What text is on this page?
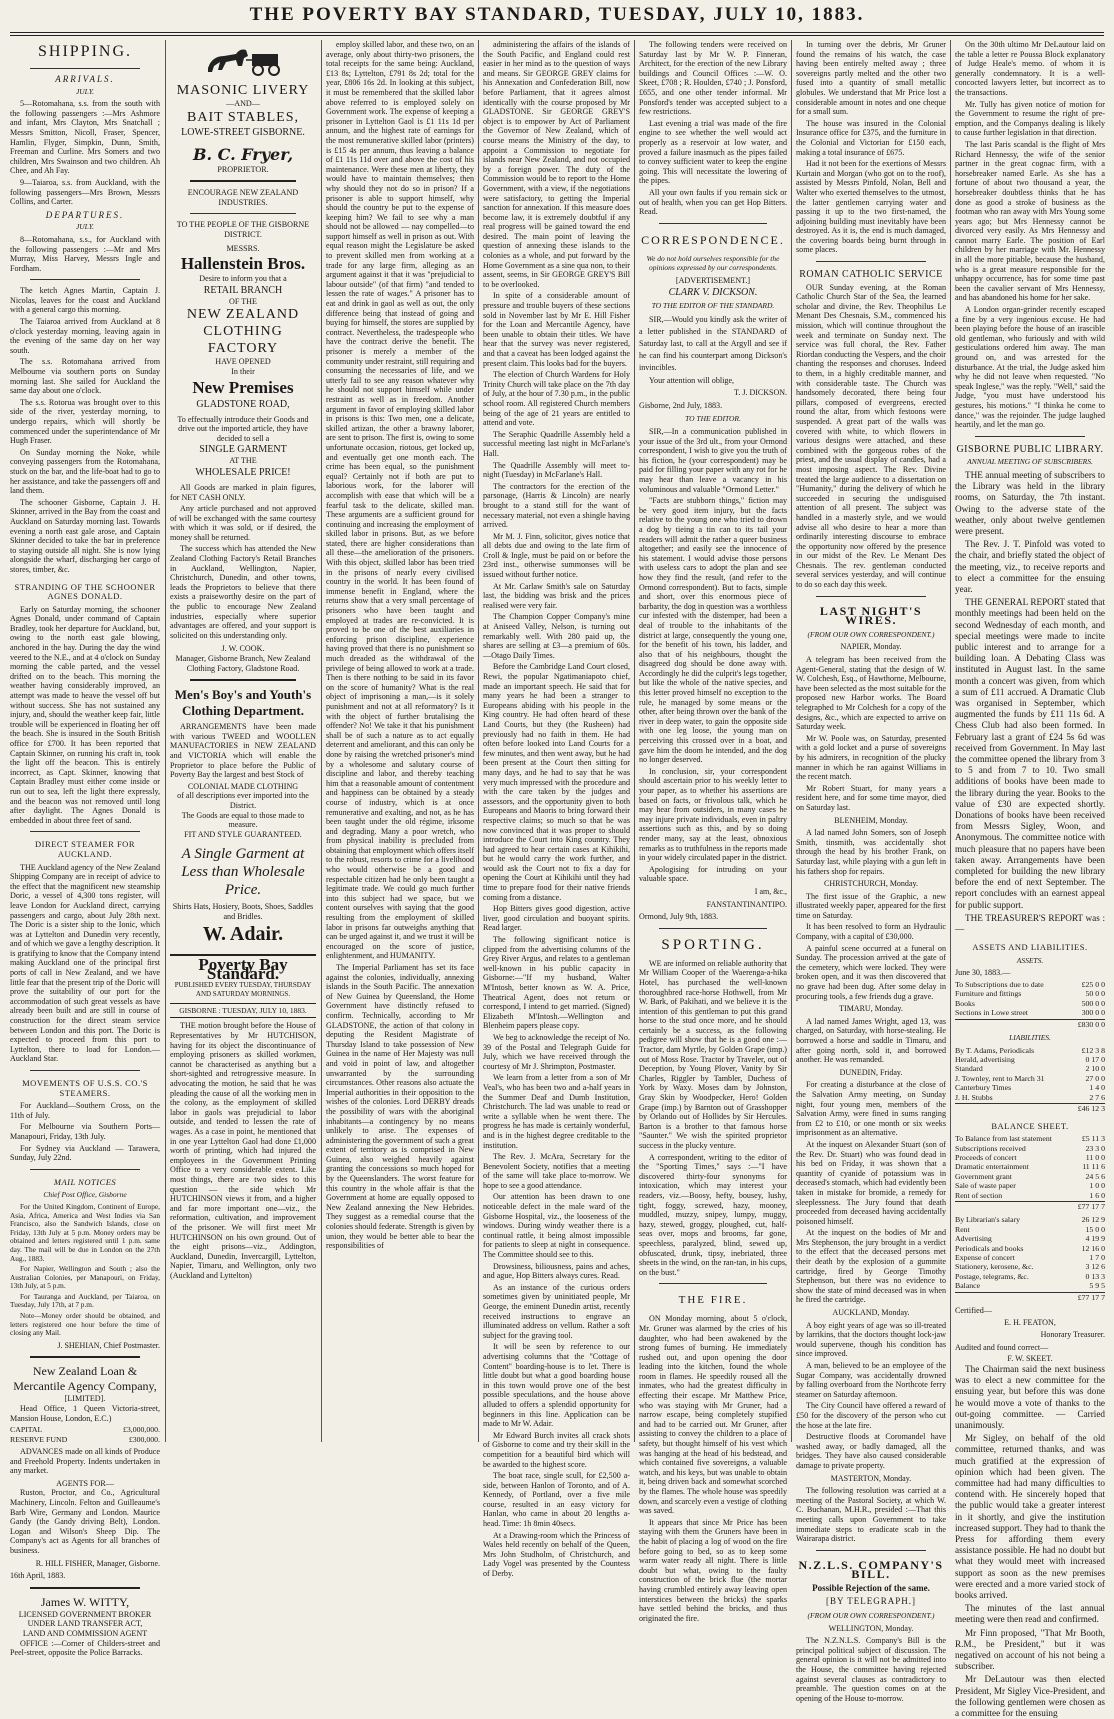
THE POVERTY BAY STANDARD, TUESDAY, JULY 10, 1883.
SHIPPING.
ARRIVALS.
JULY.
5—Rotomahana, s.s. from the south with the following passengers :—Mrs Ashmore and infant, Mrs Clayton, Mrs Snatchall ; Messrs Smitton, Nicoll, Fraser, Spencer, Hamlin, Flyger, Simpkin, Dunn, Smith, Freeman and Curline. Mrs Somers and two children, Mrs Swainson and two children. Ah Chee, and Ah Fay.
9—Taiaroa, s.s. from Auckland, with the following passengers—Mrs Brown, Messrs Collins, and Carter.
DEPARTURES.
JULY.
8—Rotomahana, s.s., for Auckland with the following passengers :—Mr and Mrs Murray, Miss Harvey, Messrs Ingle and Fordham.
The ketch Agnes Martin, Captain J. Nicolas, leaves for the coast and Auckland with a general cargo this morning.
The Taiaroa arrived from Auckland at 8 o'clock yesterday morning, leaving again in the evening of the same day on her way south.
The s.s. Rotomahana arrived from Melbourne via southern ports on Sunday morning last. She sailed for Auckland the same day about one o'clock.
The s.s. Rotorua was brought over to this side of the river, yesterday morning, to undergo repairs, which will shortly be commenced under the superintendance of Mr Hugh Fraser.
On Sunday morning the Noke, while conveying passengers from the Rotomahana, stuck on the bar, and the life-boat had to go to her assistance, and take the passengers off and land them.
The schooner Gisborne, Captain J. H. Skinner, arrived in the Bay from the coast and Auckland on Saturday morning last. Towards evening a north east gale arose, and Captain Skinner decided to take the bar in preference to staying outside all night. She is now lying alongside the wharf, discharging her cargo of stores, timber, &c.
STRANDING OF THE SCHOONER AGNES DONALD.
Early on Saturday morning, the schooner Agnes Donald, under command of Captain Bradley, took her departure for Auckland, but, owing to the north east gale blowing, anchored in the bay. During the day the wind veered to the N.E., and at 4 o'clock on Sunday morning the cable parted, and the vessel drifted on to the beach. This morning the weather having considerably improved, an attempt was made to heave the vessel off but without success. She has not sustained any injury, and, should the weather keep fair, little trouble will be experienced in floating her off the beach. She is insured in the South British office for £700. It has been reported that Captain Skinner, on running his craft in, took the light off the beacon. This is entirely incorrect, as Capt. Skinner, knowing that Captain Bradley must either come inside or run out to sea, left the light there expressly, and the beacon was not removed until long after daylight. The Agnes Donald is embedded in about three feet of sand.
DIRECT STEAMER FOR AUCKLAND.
THE Auckland agency of the New Zealand Shipping Company are in receipt of advice to the effect that the magnificent new steamship Doric, a vessel of 4,300 tons register, will leave London for Auckland direct, carrying passengers and cargo, about July 28th next. The Doric is a sister ship to the Ionic, which was at Lyttelton and Dunedin very recently, and of which we gave a lengthy description. It is gratifying to know that the Company intend making Auckland one of the principal first ports of call in New Zealand, and we have little fear that the present trip of the Doric will prove the suitability of our port for the accommodation of such great vessels as have already been built and are still in course of construction for the direct steam service between London and this port. The Doric is expected to proceed from this port to Lyttelton, there to load for London.—Auckland Star.
MOVEMENTS OF U.S.S. CO.'S STEAMERS.
For Auckland—Southern Cross, on the 11th of July.
For Melbourne via Southern Ports—Manapouri, Friday, 13th July.
For Sydney via Auckland — Tarawera, Sunday, July 22nd.
MAIL NOTICES
Chief Post Office, Gisborne
For the United Kingdom, Continent of Europe, Asia, Africa, America and West Indies via San Francisco, also the Sandwich Islands, close on Friday, 13th July at 5 p.m. Money orders may be obtained and letters registered until 1 p.m. same day. The mail will be due in London on the 27th Aug., 1883.
For Napier, Wellington and South ; also the Australian Colonies, per Manapouri, on Friday, 13th July, at 5 p.m.
For Tauranga and Auckland, per Taiaroa, on Tuesday, July 17th, at 7 p.m.
Note—Money order should be obtained, and letters registered one hour before the time of closing any Mail.
J. SHEHIAN, Chief Postmaster.
New Zealand Loan & Mercantile Agency Company,
[LIMITED].
Head Office, 1 Queen Victoria-street, Mansion House, London, E.C.)
CAPITAL	£3,000,000.
RESERVE FUND	£300,000.
ADVANCES made on all kinds of Produce and Freehold Property. Indents undertaken in any market.
AGENTS FOR—
Ruston, Proctor, and Co., Agricultural Machinery, Lincoln. Felton and Guilleaume's Barb Wire, Germany and London. Maurice Gandy (the Gandy driving Belt), London. Logan and Wilson's Sheep Dip. The Company's act as Agents for all branches of business.
R. HILL FISHER, Manager, Gisborne.
16th April, 1883.
James W. WITTY,
LICENSED GOVERNMENT BROKER UNDER LAND TRANSFER ACT,
LAND AND COMMISSION AGENT
OFFICE :—Corner of Childers-street and Peel-street, opposite the Police Barracks.
MASONIC LIVERY
—AND—
BAIT STABLES,
LOWE-STREET GISBORNE.
B. C. Fryer,
PROPRIETOR.
ENCOURAGE NEW ZEALAND INDUSTRIES.
TO THE PEOPLE OF THE GISBORNE DISTRICT.
MESSRS.
Hallenstein Bros.
Desire to inform you that a
RETAIL BRANCH
OF THE
NEW ZEALAND
CLOTHING
FACTORY
HAVE OPENED
In their
New Premises
GLADSTONE ROAD,
To effectually introduce their Goods and drive out the imported article, they have decided to sell a
SINGLE GARMENT
AT THE
WHOLESALE PRICE!
All Goods are marked in plain figures, for NET CASH ONLY.
Any article purchased and not approved of will be exchanged with the same courtesy with which it was sold, or if desired, the money shall be returned.
The success which has attended the New Zealand Clothing Factory's Retail Branches in Auckland, Wellington, Napier, Christchurch, Dunedin, and other towns, leads the Proprietors to believe that there exists a praiseworthy desire on the part of the public to encourage New Zealand industries, especially where superior advantages are offered, and your support is solicited on this understanding only.
J. W. COOK.
Manager, Gisborne Branch, New Zealand Clothing Factory, Gladstone Road.
Men's Boy's and Youth's
Clothing Department.
ARRANGEMENTS have been made with various TWEED and WOOLLEN MANUFACTORIES in NEW ZEALAND and VICTORIA which will enable the Proprietor to place before the Public of Poverty Bay the largest and best Stock of
COLONIAL MADE CLOTHING
of all descriptions ever imported into the District.
The Goods are equal to those made to measure.
FIT AND STYLE GUARANTEED.
A Single Garment at
Less than Wholesale
Price.
Shirts Hats, Hosiery, Boots, Shoes, Saddles and Bridles.
W. Adair.
Poverty Bay Standard.
PUBLISHED EVERY TUESDAY, THURSDAY AND SATURDAY MORNINGS.
GISBORNE : TUESDAY, JULY 10, 1883.
THE motion brought before the House of Representatives by Mr HUTCHISON, having for its object the discontinuance of employing prisoners as skilled workmen, cannot be characterised as anything but a short-sighted and retrogressive measure. In advocating the motion, he said that he was pleading the cause of all the working men in the colony, as the employment of skilled labor in gaols was prejudicial to labor outside, and tended to lessen the rate of wages. As a case in point, he mentioned that in one year Lyttelton Gaol had done £1,000 worth of printing, which had injured the employees in the Government Printing Office to a very considerable extent. Like most things, there are two sides to this question — the side which Mr HUTCHINSON views it from, and a higher and far more important one—viz., the reformation, cultivation, and improvement of the prisoner. We will first meet Mr HUTCHINSON on his own ground. Out of the eight prisons—viz., Addington, Auckland, Dunedin, Invercargill, Lyttelton, Napier, Timaru, and Wellington, only two (Auckland and Lyttelton)
employ skilled labor, and these two, on an average, only about thirty-two prisoners, the total receipts for the same being: Auckland, £13 8s; Lyttelton, £791 8s 2d; total for the year, £806 16s 2d. In looking at this subject, it must be remembered that the skilled labor above referred to is employed solely on Government work. The expense of keeping a prisoner in Lyttelton Gaol is £1 11s 1d per annum, and the highest rate of earnings for the most remunerative skilled labor (printers) is £15 4s per annum, thus leaving a balance of £1 11s 11d over and above the cost of his maintenance. Were these men at liberty, they would have to maintain themselves; then why should they not do so in prison? If a prisoner is able to support himself, why should the country be put to the expense of keeping him? We fail to see why a man should not be allowed — nay compelled—to support himself as well in prison as out. With equal reason might the Legislature be asked to prevent skilled men from working at a trade for any large firm, alleging as an argument against it that it was "prejudicial to labour outside" (of that firm) "and tended to lessen the rate of wages." A prisoner has to eat and drink in gaol as well as out, the only difference being that instead of going and buying for himself, the stores are supplied by contract. Nevertheless, the tradespeople who have the contract derive the benefit. The prisoner is merely a member of the community under restraint, still requiring and consuming the necessaries of life, and we utterly fail to see any reason whatever why he should not support himself while under restraint as well as in freedom. Another argument in favor of employing skilled labor in prisons is this: Two men, one a delicate, skilled artizan, the other a brawny laborer, are sent to prison. The first is, owing to some unfortunate occasion, riotous, get locked up, and eventually get one month each. The crime has been equal, so the punishment equal? Certainly not if both are put to laborious work, for the laborer will accomplish with ease that which will be a fearful task to the delicate, skilled man. These arguments are a sufficient ground for continuing and increasing the employment of skilled labor in prisons. But, as we before stated, there are higher considerations than all these—the amelioration of the prisoners. With this object, skilled labor has been tried in the prisons of nearly every civilised country in the world. It has been found of immense benefit in England, where the returns show that a very small percentage of prisoners who have been taught and employed at trades are re-convicted. It is proved to be one of the best auxiliaries in enforcing prison discipline, experience having proved that there is no punishment so much dreaded as the withdrawal of the privilege of being allowed to work at a trade. Then is there nothing to be said in its favor on the score of humanity? What is the real object of imprisoning a man,—is it solely punishment and not at all reformatory? Is it with the object of further brutalising the offender? No! We take it that his punishment shall be of such a nature as to act equally deterrent and ameliorant, and this can only be done by raising the wretched prisoner's mind by a wholesome and salutary course of discipline and labor, and thereby teaching him that a reasonable amount of contentment and happiness can be obtained by a steady course of industry, which is at once remunerative and exalting, and not, as he has been taught under the old régime, irksome and degrading. Many a poor wretch, who from physical inability is precluded from obtaining that employment which offers itself to the robust, resorts to crime for a livelihood who would otherwise be a good and respectable citizen had he only been taught a legitimate trade. We could go much further into this subject had we space, but we content ourselves with saying that the good resulting from the employment of skilled labor in prisons far outweighs anything that can be urged against it, and we trust it will be encouraged on the score of justice, enlightenment, and HUMANITY.
The Imperial Parliament has set its face against the colonies, individually, annexing islands in the South Pacific. The annexation of New Guinea by Queensland, the Home Government have distinctly refused to confirm. Technically, according to Mr GLADSTONE, the action of that colony in deputing the Resident Magistrate of Thursday Island to take possession of New Guinea in the name of Her Majesty was null and void in point of law, and altogether unwarranted by the surrounding circumstances. Other reasons also actuate the Imperial authorities in their opposition to the wishes of the colonies. Lord DERBY dreads the possibility of wars with the aboriginal inhabitants—a contingency by no means unlikely to arise. The expenses of administering the government of such a great extent of territory as is comprised in New Guinea, also weighed heavily against granting the concessions so much hoped for by the Queenslanders. The worst feature for this country in the whole affair is that the Government at home are equally opposed to New Zealand annexing the New Hebrides. They suggest as a remedial course that the colonies should federate. Strength is given by union, they would be better able to bear the responsibilities of
administering the affairs of the islands of the South Pacific, and England could rest easier in her mind as to the question of ways and means. Sir GEORGE GREY claims for his Annexation and Confederation Bill, now before Parliament, that it agrees almost identically with the course proposed by Mr GLADSTONE. Sir GEORGE GREY'S object is to empower by Act of Parliament the Governor of New Zealand, which of course means the Ministry of the day, to appoint a Commission to negotiate for islands near New Zealand, and not occupied by a foreign power. The duty of the Commission would be to report to the Home Government, with a view, if the negotiations were satisfactory, to getting the Imperial sanction for annexation. If this measure does become law, it is extremely doubtful if any real progress will be gained toward the end desired. The main point of leaving the question of annexing these islands to the colonies as a whole, and put forward by the Home Government as a sine qua non, to their assent, seems, in Sir GEORGE GREY'S Bill to be overlooked.
In spite of a considerable amount of pressure and trouble buyers of these sections sold in November last by Mr E. Hill Fisher for the Loan and Mercantile Agency, have been unable to obtain their titles. We have hear that the survey was never registered, and that a caveat has been lodged against the present claim. This looks bad for the buyers.
The election of Church Wardens for Holy Trinity Church will take place on the 7th day of July, at the hour of 7.30 p.m., in the public school room. All registered Church members being of the age of 21 years are entitled to attend and vote.
The Seraphic Quadrille Assembly held a successful meeting last night in McFarlane's Hall.
The Quadrille Assembly will meet to-night (Tuesday) in McFarlane's Hall.
The contractors for the erection of the parsonage, (Harris & Lincoln) are nearly brought to a stand still for the want of necessary material, not even a shingle having arrived.
Mr M. J. Finn, solicitor, gives notice that all debts due and owing to the late firm of Croll & Ingle, must be paid on or before the 23rd inst., otherwise summonses will be issued without further notice.
At Mr. Carlaw Smith's sale on Saturday last, the bidding was brisk and the prices realised were very fair.
The Champion Copper Company's mine at Aniseed Valley, Nelson, is turning out remarkably well. With 280 paid up, the shares are selling at £3—a premium of 60s.—Otago Daily Times.
Before the Cambridge Land Court closed, Rewi, the popular Ngatimaniapoto chief, made an important speech. He said that for many years he had been a stranger to Europeans abiding with his people in the King country. He had often heard of these Land Courts, but they (the Rusheen) had previously had no faith in them. He had often before looked into Land Courts for a few minutes, and then went away, but he had been present at the Court then sitting for many days, and he had to say that he was very much impressed with the procedure and with the care taken by the judges and assessors, and the opportunity given to both Europeans and Maoris to bring forward their respective claims; so much so that he was now convinced that it was proper to should introduce the Court into King country. They had agreed to hear certain cases at Kihikihi, but he would carry the work further, and would ask the Court not to fix a day for opening the Court at Kihikihi until they had time to prepare food for their native friends coming from a distance.
Hop Bitters gives good digestion, active liver, good circulation and buoyant spirits. Read larger.
The following significant notice is clipped from the advertising columns of the Grey River Argus, and relates to a gentleman well-known in his public capacity in Gisborne:—"If my husband, Walter M'Intosh, better known as W. A. Price, Theatrical Agent, does not return or correspond, I intend to get married. (Signed) Elizabeth M'Intosh.—Wellington and Blenheim papers please copy.
We beg to acknowledge the receipt of No. 39 of the Postal and Telegraph Guide for July, which we have received through the courtesy of Mr J. Shrimpton, Postmaster.
We learn from a letter from a son of Mr Veal's, who has been two and a-half years in the Summer Deaf and Dumb Institution, Christchurch. The lad was unable to read or write a syllable when he went there. The progress he has made is certainly wonderful, and is in the highest degree creditable to the institution.
The Rev. J. McAra, Secretary for the Benevolent Society, notifies that a meeting of the same will take place to-morrow. We hope to see a good attendance.
Our attention has been drawn to one noticeable defect in the male ward of the Gisborne Hospital, viz., the looseness of the windows. During windy weather there is a continual rattle, it being almost impossible for patients to sleep at night in consequence. The Committee should see to this.
Drowsiness, biliousness, pains and aches, and ague, Hop Bitters always cures. Read.
As an instance of the curious orders sometimes given by uninitiated people, Mr George, the eminent Dunedin artist, recently received instructions to engrave an illuminated address on vellum. Rather a soft subject for the graving tool.
It will be seen by reference to our advertising columns that the "Cottage of Content" boarding-house is to let. There is little doubt but what a good boarding house in this town would prove one of the best possible speculations, and the house above alluded to offers a splendid opportunity for beginners in this line. Application can be made to Mr W. Adair.
Mr Edward Burch invites all crack shots of Gisborne to come and try their skill in the competition for a beautiful bird which will be awarded to the highest score.
The boat race, single scull, for £2,500 a-side, between Hanlon of Toronto, and of A. Kennedy, of Portland, over a five mile course, resulted in an easy victory for Hanlan, who came in about 20 lengths a-head. Time: 1h 8min 40secs.
At a Drawing-room which the Princess of Wales held recently on behalf of the Queen, Mrs John Studholm, of Christchurch, and Lady Vogel was presented by the Countess of Derby.
The following tenders were received on Saturday last by Mr W. P. Finneran, Architect, for the erection of the new Library buildings and Council Offices :—W. O. Skeet, £708 ; R. Houlden, £740 ; J. Ponsford, £655, and one other tender informal. Mr Ponsford's tender was accepted subject to a few restrictions.
Last evening a trial was made of the fire engine to see whether the well would act properly as a reservoir at low water, and proved a failure inasmuch as the pipes failed to convey sufficient water to keep the engine going. This will necessitate the lowering of the pipes.
All your own faults if you remain sick or out of health, when you can get Hop Bitters. Read.
CORRESPONDENCE.
We do not hold ourselves responsible for the opinions expressed by our correspondents.
[ADVERTISEMENT.]
CLARK V. DICKSON.
TO THE EDITOR OF THE STANDARD.
SIR,—Would you kindly ask the writer of a letter published in the STANDARD of Saturday last, to call at the Argyll and see if he can find his counterpart among Dickson's invincibles.
Your attention will oblige,
T. J. DICKSON.
Gisborne, 2nd July, 1883.
TO THE EDITOR.
SIR,—In a communication published in your issue of the 3rd ult., from your Ormond correspondent, I wish to give you the truth of his fiction, he (your correspondent) may be paid for filling your paper with any rot for he may hear than leave a vacancy in his voluminous and valuable "Ormond Letter."
"Facts are stubborn things," fiction may be very good item injury, but the facts relative to the young one who tried to drown a dog by tieing a tin can to its tail your readers will admit the rather a queer business altogether; and easily see the innocence of his statement. I would advise those persons with useless cars to adopt the plan and see how they find the result, (and refer to the Ormond correspondent). But to facts, simple and short, over this enormous piece of barbarity, the dog in question was a worthless cur infested with the distemper, had been a deal of trouble to the inhabitants of the district at large, consequently the young one, for the benefit of his town, his ladder, and also that of his neighbours, thought the disagreed dog should be done away with. Accordingly he did the culprit's legs together, but like the whole of the native species, and this letter proved himself no exception to the rule, he managed by some means or the other, after being thrown over the bank of the river in deep water, to gain the opposite side with one leg loose, the young man on perceiving this crossed over in a boat, and gave him the doom he intended, and the dog no longer deserved.
In conclusion, sir, your correspondent should ascertain prior to his weekly letter to your paper, as to whether his assertions are based on facts, or frivolous talk, which he may hear from outsiders, in many cases he may injure private individuals, even in paltry assertions such as this, and by so doing render many, say at the least, obnoxious remarks as to truthfulness in the reports made in your widely circulated paper in the district.
Apologising for intruding on your valuable space.
I am, &c.,
FANSTANTINANTIPO.
Ormond, July 9th, 1883.
SPORTING.
WE are informed on reliable authority that Mr William Cooper of the Waerenga-a-hika Hotel, has purchased the well-known thoroughbred race-horse Hothwell, from Mr W. Bark, of Pakihati, and we believe it is the intention of this gentleman to put this grand horse to the stud once more, and he should certainly be a success, as the following pedigree will show that he is a good one :—Tractor, dam Myrtle, by Golden Grape (imp.) out of Moss Rose. Tractor by Traveler, out of Deception, by Young Plover, Vanity by Sir Charles, Riggler by Tambler, Duchess of York by Waxy. Moses dam by Johnston, Gray Skin by Woodpecker, Hero! Golden Grape (imp.) by Barnton out of Grasshopper by Orlando out of Hollides by Sir Hercules. Barton is a brother to that famous horse "Saunter." We wish the spirited proprietor success in the plucky venture.
A correspondent, writing to the editor of the "Sporting Times," says :—"I have discovered thirty-four synonyms for intoxication, which may interest your readers, viz.—Boosy, hefty, bousey, lushy, tight, foggy, screwed, hazy, mooney, muddled, muzzy, snipey, lumpy, muggy, hazy, stewed, groggy, ploughed, cut, half-seas over, mops and brooms, far gone, speechless, paralyzed, blind, sewed up, obfuscated, drunk, tipsy, inebriated, three sheets in the wind, on the ran-tan, in his cups, on the bust."
THE FIRE.
ON Monday morning, about 5 o'clock, Mr. Gruner was alarmed by the cries of his daughter, who had been awakened by the strong fumes of burning. He immediately rushed out, and upon opening the door leading into the kitchen, found the whole room in flames. He speedily roused all the inmates, who had the greatest difficulty in effecting their escape. Mr Matthew Price, who was staying with Mr Gruner, had a narrow escape, being completely stupified and had to be carried out. Mr Gruner, after assisting to convey the children to a place of safety, but thought himself of his vest which was hanging at the head of his bedstead, and which contained five sovereigns, a valuable watch, and his keys, but was unable to obtain it, being driven back and somewhat scorched by the flames. The whole house was speedily down, and scarcely even a vestige of clothing was saved.
It appears that since Mr Price has been staying with them the Gruners have been in the habit of placing a log of wood on the fire before going to bed, so as to keep some warm water ready all night. There is little doubt but what, owing to the faulty construction of the brick flue (the mortar having crumbled entirely away leaving open interstices between the bricks) the sparks have settled behind the bricks, and thus originated the fire.
In turning over the debris, Mr Gruner found the remains of his watch, the case having been entirely melted away ; three sovereigns partly melted and the other two fused into a quantity of small metallic globules. We understand that Mr Price lost a considerable amount in notes and one cheque for a small sum.
The house was insured in the Colonial Insurance office for £375, and the furniture in the Colonial and Victorian for £150 each, making a total insurance of £675.
Had it not been for the exertions of Messrs Kurtain and Morgan (who got on to the roof), assisted by Messrs Pinfold, Nolan, Bell and Walter who exerted themselves to the utmost, the latter gentlemen carrying water and passing it up to the two first-named, the adjoining building must inevitably have been destroyed. As it is, the end is much damaged, the covering boards being burnt through in some places.
ROMAN CATHOLIC SERVICE
OUR Sunday evening, at the Roman Catholic Church Star of the Sea, the learned scholar and divine, the Rev. Theophilus Le Menant Des Chesnais, S.M., commenced his mission, which will continue throughout the week and terminate on Sunday next. The service was full choral, the Rev. Father Riordan conducting the Vespers, and the choir chanting the responses and choruses. Indeed to them, in a highly creditable manner, and with considerable taste. The Church was handsomely decorated, there being four pillars, composed of evergreens, erected round the altar, from which festoons were suspended. A great part of the walls was covered with white, to which flowers in various designs were attached, and these combined with the gorgeous robes of the priest, and the usual display of candles, had a most imposing aspect. The Rev. Divine treated the large audience to a dissertation on "Humanity," during the delivery of which he succeeded in securing the undisguised attention of all present. The subject was handled in a masterly style, and we would advise all who desire to hear a more than ordinarily interesting discourse to embrace the opportunity now offered by the presence in our midst of the Rev. Le Menant Des Chesnais. The rev. gentleman conducted several services yesterday, and will continue to do so each day this week.
LAST NIGHT'S WIRES.
(FROM OUR OWN CORRESPONDENT.)
NAPIER, Monday.
A telegram has been received from the Agent-General, stating that the design of W. W. Colchesh, Esq., of Hawthorne, Melbourne, have been selected as the most suitable for the proposed new Harbor works. The Board telegraphed to Mr Colchesh for a copy of the designs, &c., which are expected to arrive on Saturday week.
Mr W. Poole was, on Saturday, presented with a gold locket and a purse of sovereigns by his admirers, in recognition of the plucky manner in which he ran against Williams in the recent match.
Mr Robert Stuart, for many years a resident here, and for some time mayor, died on Saturday last.
BLENHEIM, Monday.
A lad named John Somers, son of Joseph Smith, tinsmith, was accidentally shot through the head by his brother Frank, on Saturday last, while playing with a gun left in his fathers shop for repairs.
CHRISTCHURCH, Monday.
The first issue of the Graphic, a new illustrated weekly paper, appeared for the first time on Saturday.
It has been resolved to form an Hydraulic Company, with a capital of £30,000.
A painful scene occurred at a funeral on Sunday. The procession arrived at the gate of the cemetery, which were locked. They were broken open, and it was then discovered that no grave had been dug. After some delay in procuring tools, a few friends dug a grave.
TIMARU, Monday.
A lad named James Wright, aged 13, was charged, on Saturday, with horse-stealing. He borrowed a horse and saddle in Timaru, and after going north, sold it, and borrowed another. He was remanded.
DUNEDIN, Friday.
For creating a disturbance at the close of the Salvation Army meeting, on Sunday night, four young men, members of the Salvation Army, were fined in sums ranging from £2 to £10, or one month or six weeks imprisonment as an alternative.
At the inquest on Alexander Stuart (son of the Rev. Dr. Stuart) who was found dead in his bed on Friday, it was shown that a quantity of cyanide of potassium was in deceased's stomach, which had evidently been taken in mistake for bromide, a remedy for sleeplessness. The Jury found that death proceeded from deceased having accidentally poisoned himself.
At the inquest on the bodies of Mr and Mrs Stephenson, the jury brought in a verdict to the effect that the deceased persons met their death by the explosion of a gummite cartridge, fired by George Timothy Stephenson, but there was no evidence to show the state of mind deceased was in when he fired the cartridge.
AUCKLAND, Monday.
A boy eight years of age was so ill-treated by larrikins, that the doctors thought lock-jaw would supervene, though his condition has since improved.
A man, believed to be an employee of the Sugar Company, was accidentally drowned by falling overboard from the Northcote ferry steamer on Saturday afternoon.
The City Council have offered a reward of £50 for the discovery of the person who cut the hose at the late fire.
Destructive floods at Coromandel have washed away, or badly damaged, all the bridges. They have also caused considerable damage to private property.
MASTERTON, Monday.
The following resolution was carried at a meeting of the Pastoral Society, at which W. C. Buchanan, M.H.R., presided :—That this meeting calls upon Government to take immediate steps to eradicate scab in the Wairarapa district.
N.Z.L.S. COMPANY'S BILL.
Possible Rejection of the same.
[BY TELEGRAPH.]
(FROM OUR OWN CORRESPONDENT.)
WELLINGTON, Monday.
The N.Z.N.L.S. Company's Bill is the principal political subject of discussion. The general opinion is it will not be admitted into the House, the committee having rejected against several clauses as contradictory to preamble. The question comes on at the opening of the House to-morrow.
On the 30th ultimo Mr DeLautour laid on the table a letter re Poussa Block explanatory of Judge Heale's memo. of whom it is generally condemnatory. It is a well-concocted lawyers letter, but incorrect as to the transactions.
Mr. Tully has given notice of motion for the Government to resume the right of pre-emption, and the Companys dealing is likely to cause further legislation in that direction.
The last Paris scandal is the flight of Mrs Richard Hennessy, the wife of the senior partner in the great cognac firm, with a horsebreaker named Earle. As she has a fortune of about two thousand a year, the horsebreaker doubtless thinks that he has done as good a stroke of business as the footman who ran away with Mrs Young some years ago; but Mrs Hennessy cannot be divorced very easily. As Mrs Hennessy and cannot marry Earle. The position of Earl children by her marriage with Mr. Hennessy in all the more pitiable, because the husband, who is a great measure responsible for the unhappy occurrence, has for some time past been the cavalier servant of Mrs Hennessy, and has abandoned his home for her sake.
A London organ-grinder recently escaped a fine by a very ingenious excuse. He had been playing before the house of an irascible old gentleman, who furiously and with wild gesticulations ordered him away. The man ground on, and was arrested for the disturbance. At the trial, the Judge asked him why he did not leave when requested. "No speak Inglese," was the reply. "Well," said the Judge, "you must have understood his gestures, his motions." "I thinka he come to dance," was the rejoinder. The judge laughed heartily, and let the man go.
GISBORNE PUBLIC LIBRARY.
ANNUAL MEETING OF SUBSCRIBERS.
THE annual meeting of subscribers to the Library was held in the library rooms, on Saturday, the 7th instant. Owing to the adverse state of the weather, only about twelve gentlemen were present.
The Rev. J. T. Pinfold was voted to the chair, and briefly stated the object of the meeting, viz., to receive reports and to elect a committee for the ensuing year.
THE GENERAL REPORT stated that monthly meetings had been held on the second Wednesday of each month, and special meetings were made to incite public interest and to arrange for a building loan. A Debating Class was instituted in August last. In the same month a concert was given, from which a sum of £11 accrued. A Dramatic Club was organised in September, which augmented the funds by £11 11s 6d. A Chess Club had also been formed. In February last a grant of £24 5s 6d was received from Government. In May last the committee opened the library from 3 to 5 and from 7 to 10. Two small additions of books have been made to the library during the year. Books to the value of £30 are expected shortly. Donations of books have been received from Messrs Sigley, Woon, and Anonymous. The committee notice with much pleasure that no papers have been taken away. Arrangements have been completed for building the new library before the end of next September. The report concludes with an earnest appeal for public support.
THE TREASURER'S REPORT was :—
ASSETS AND LIABILITIES.
ASSETS.
June 30, 1883.—
To Subscriptions due to date	£25 0 0
Furniture and fittings	50 0 0
Books	500 0 0
Sections in Lowe street	300 0 0
£830 0 0
LIABILITIES.
By T. Adams, Periodicals	£12 3 8
Herald, advertising	0 17 0
Standard	2 10 0
J. Townley, rent to March 31	27 0 0
Canterbury Times	1 4 0
J. H. Stubbs	2 7 6
£46 12 3
BALANCE SHEET.
To Balance from last statement	£5 11 3
Subscriptions received	23 3 0
Proceeds of concert	11 0 0
Dramatic entertainment	11 11 6
Government grant	24 5 6
Sale of waste paper	1 0 0
Rent of section	1 6 0
£77 17 7
By Librarian's salary	26 12 9
Rent	15 0 0
Advertising	4 19 9
Periodicals and books	12 16 0
Expense of concert	1 7 0
Stationery, kerosene, &c.	3 12 6
Postage, telegrams, &c.	0 13 3
Balance	5 9 5
£77 17 7
Certified—
E. H. FEATON,
Honorary Treasurer.
Audited and found correct—
F. W. SKEET.
The Chairman said the next business was to elect a new committee for the ensuing year, but before this was done he would move a vote of thanks to the out-going committee. — Carried unanimously.
Mr Sigley, on behalf of the old committee, returned thanks, and was much gratified at the expression of opinion which had been given. The committee had had many difficulties to contend with. He sincerely hoped that the public would take a greater interest in it shortly, and give the institution increased support. They had to thank the Press for affording them every assistance possible. He had no doubt but what they would meet with increased support as soon as the new premises were erected and a more varied stock of books arrived.
The minutes of the last annual meeting were then read and confirmed.
Mr Finn proposed, "That Mr Booth, R.M., be President," but it was negatived on account of his not being a subscriber.
Mr DeLautour was then elected President, Mr Sigley Vice-President, and the following gentlemen were chosen as a committee for the ensuing
